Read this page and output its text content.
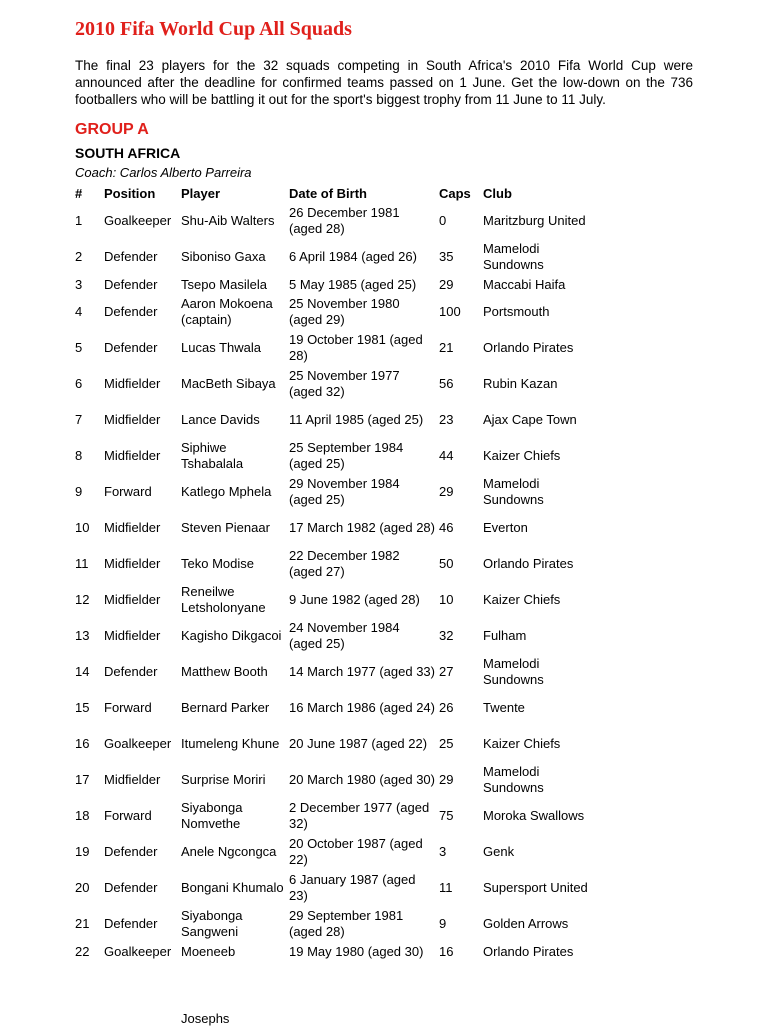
2010 Fifa World Cup All Squads
The final 23 players for the 32 squads competing in South Africa's 2010 Fifa World Cup were announced after the deadline for confirmed teams passed on 1 June. Get the low-down on the 736 footballers who will be battling it out for the sport's biggest trophy from 11 June to 11 July.
GROUP A
SOUTH AFRICA
Coach: Carlos Alberto Parreira
#	Position	Player	Date of Birth	Caps	Club
1	Goalkeeper	Shu-Aib Walters	26 December 1981 (aged 28)	0	Maritzburg United
2	Defender	Siboniso Gaxa	6 April 1984 (aged 26)	35	Mamelodi Sundowns
3	Defender	Tsepo Masilela	5 May 1985 (aged 25)	29	Maccabi Haifa
4	Defender	Aaron Mokoena (captain)	25 November 1980 (aged 29)	100	Portsmouth
5	Defender	Lucas Thwala	19 October 1981 (aged 28)	21	Orlando Pirates
6	Midfielder	MacBeth Sibaya	25 November 1977 (aged 32)	56	Rubin Kazan
7	Midfielder	Lance Davids	11 April 1985 (aged 25)	23	Ajax Cape Town
8	Midfielder	Siphiwe Tshabalala	25 September 1984 (aged 25)	44	Kaizer Chiefs
9	Forward	Katlego Mphela	29 November 1984 (aged 25)	29	Mamelodi Sundowns
10	Midfielder	Steven Pienaar	17 March 1982 (aged 28)	46	Everton
11	Midfielder	Teko Modise	22 December 1982 (aged 27)	50	Orlando Pirates
12	Midfielder	Reneilwe Letsholonyane	9 June 1982 (aged 28)	10	Kaizer Chiefs
13	Midfielder	Kagisho Dikgacoi	24 November 1984 (aged 25)	32	Fulham
14	Defender	Matthew Booth	14 March 1977 (aged 33)	27	Mamelodi Sundowns
15	Forward	Bernard Parker	16 March 1986 (aged 24)	26	Twente
16	Goalkeeper	Itumeleng Khune	20 June 1987 (aged 22)	25	Kaizer Chiefs
17	Midfielder	Surprise Moriri	20 March 1980 (aged 30)	29	Mamelodi Sundowns
18	Forward	Siyabonga Nomvethe	2 December 1977 (aged 32)	75	Moroka Swallows
19	Defender	Anele Ngcongca	20 October 1987 (aged 22)	3	Genk
20	Defender	Bongani Khumalo	6 January 1987 (aged 23)	11	Supersport United
21	Defender	Siyabonga Sangweni	29 September 1981 (aged 28)	9	Golden Arrows
22	Goalkeeper	Moeneeb	19 May 1980 (aged 30)	16	Orlando Pirates
Josephs
